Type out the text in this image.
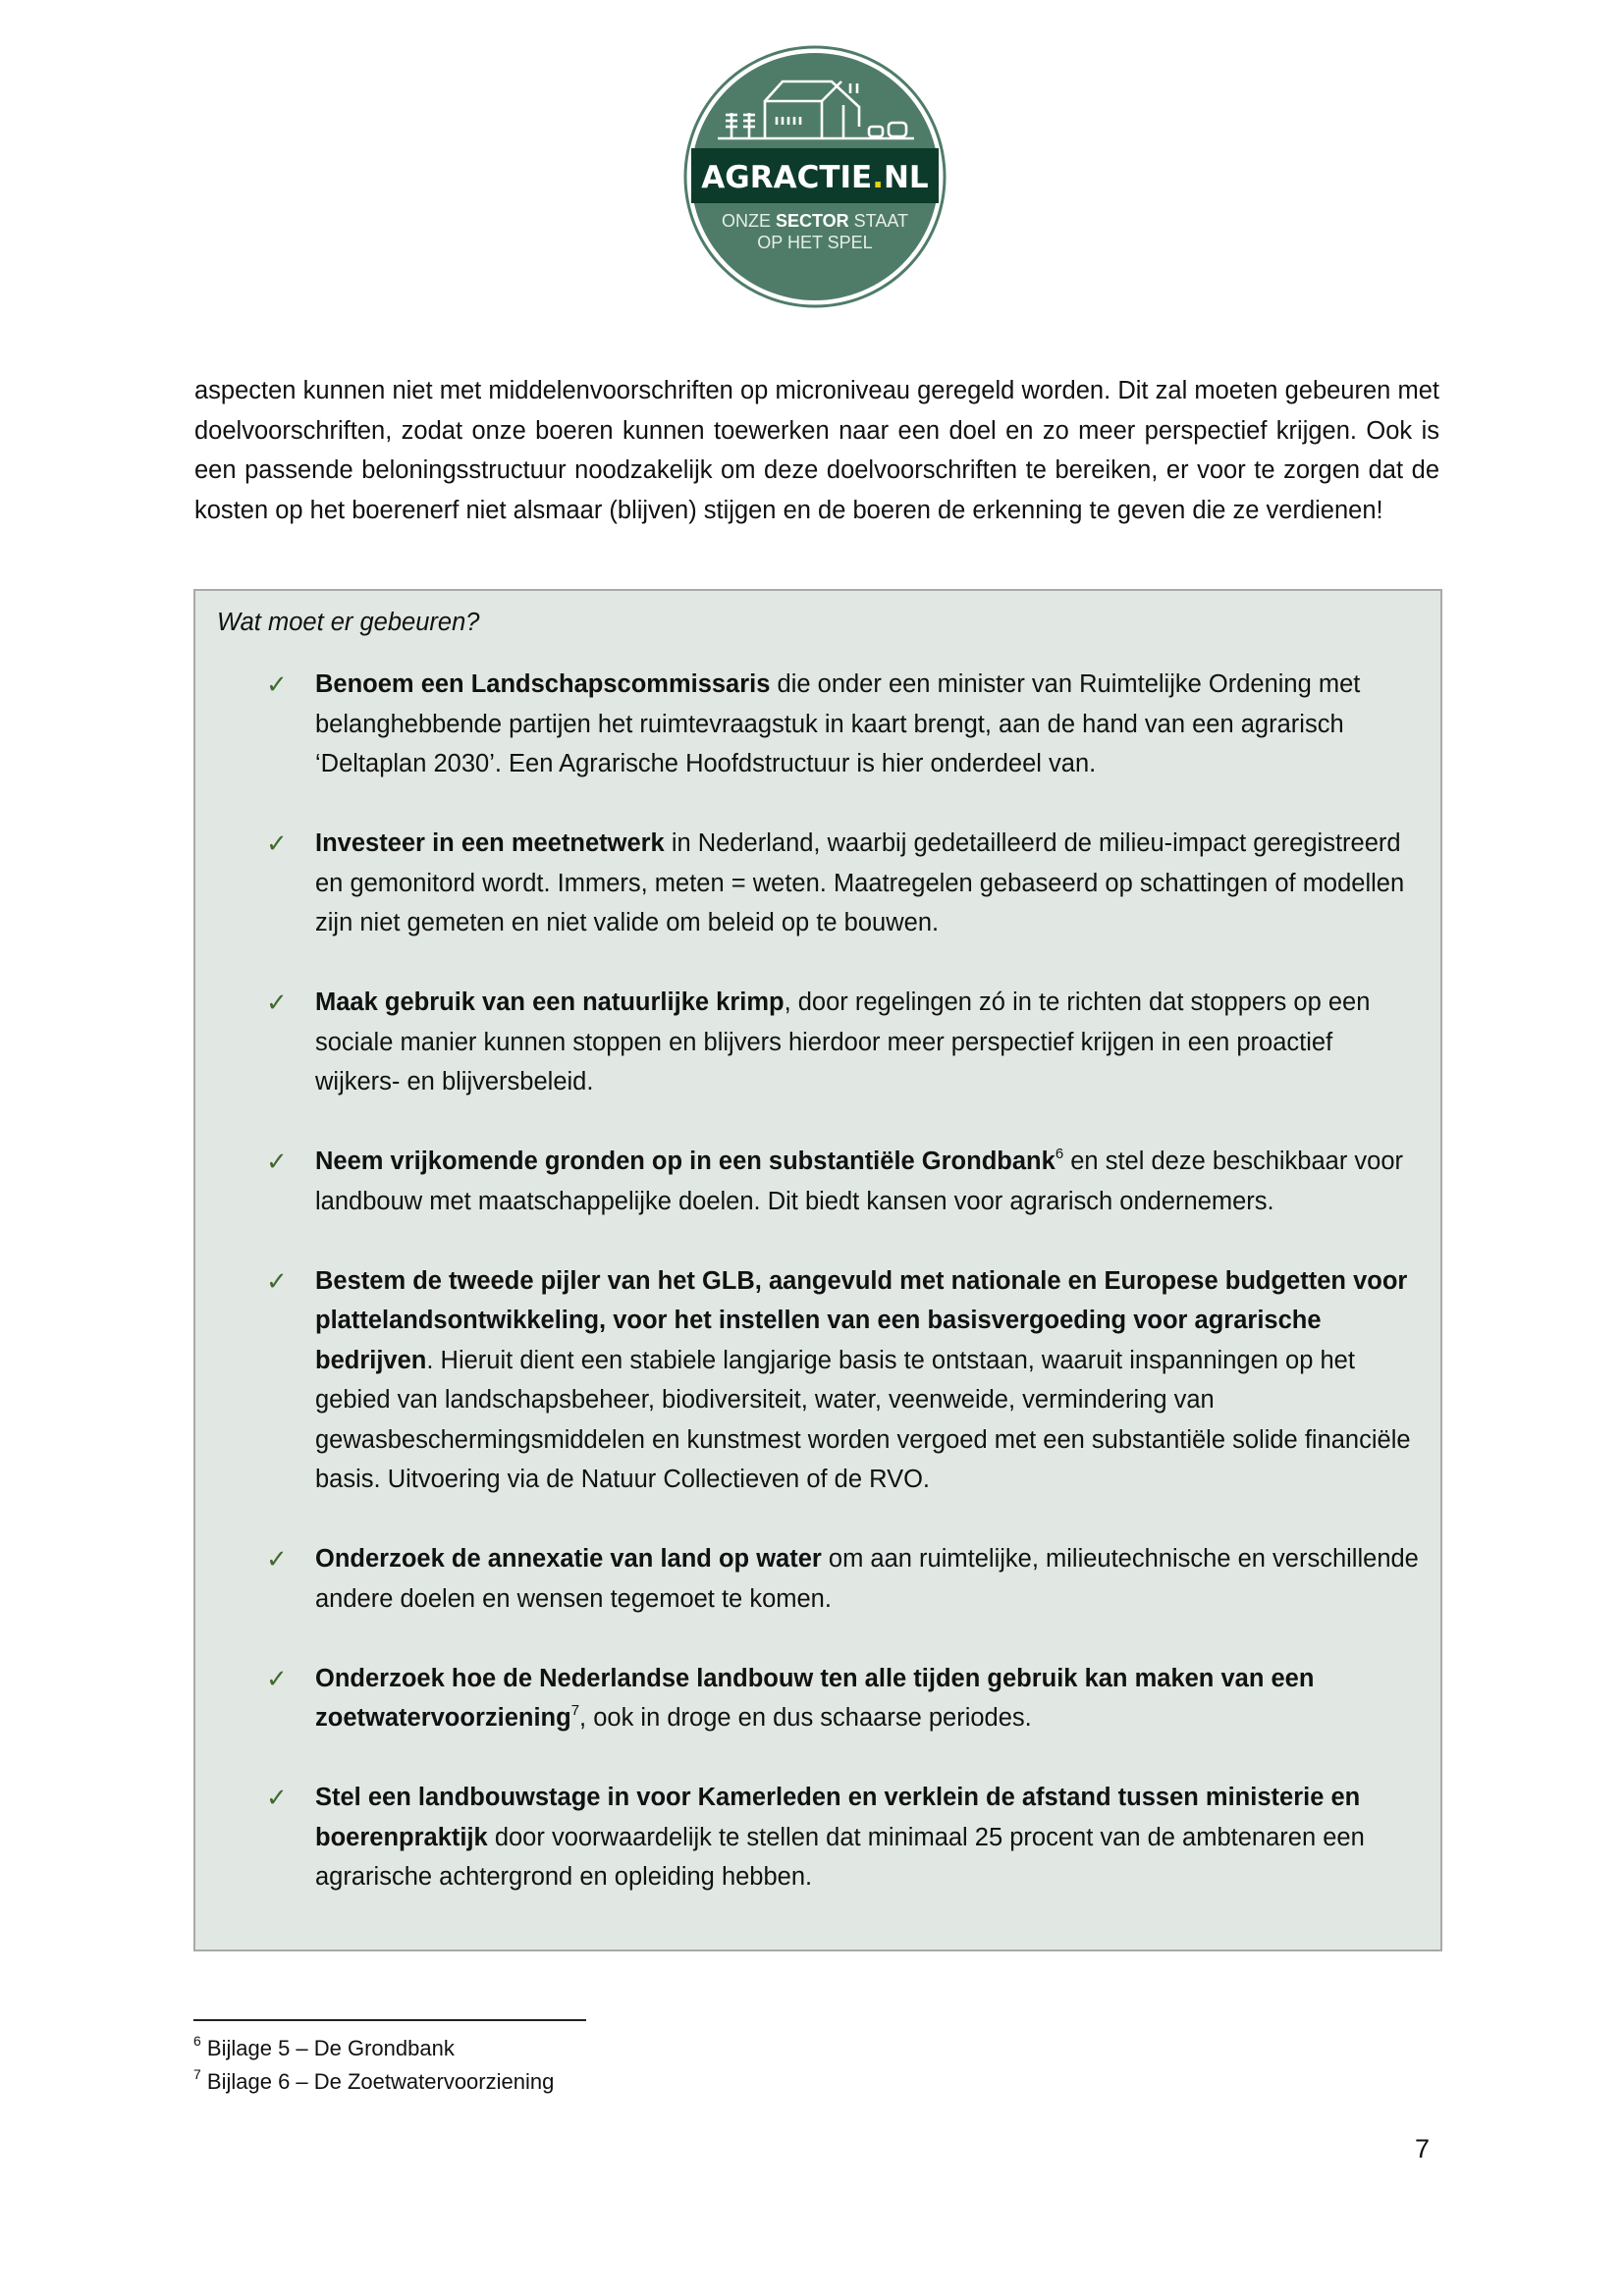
AGRACTIE.NL
ONZE SECTOR STAAT
OP HET SPEL

aspecten kunnen niet met middelenvoorschriften op microniveau geregeld worden. Dit zal moeten gebeuren met doelvoorschriften, zodat onze boeren kunnen toewerken naar een doel en zo meer perspectief krijgen. Ook is een passende beloningsstructuur noodzakelijk om deze doelvoorschriften te bereiken, er voor te zorgen dat de kosten op het boerenerf niet alsmaar (blijven) stijgen en de boeren de erkenning te geven die ze verdienen!

Wat moet er gebeuren?

✓ Benoem een Landschapscommissaris die onder een minister van Ruimtelijke Ordening met belanghebbende partijen het ruimtevraagstuk in kaart brengt, aan de hand van een agrarisch ‘Deltaplan 2030’. Een Agrarische Hoofdstructuur is hier onderdeel van.
✓ Investeer in een meetnetwerk in Nederland, waarbij gedetailleerd de milieu-impact geregistreerd en gemonitord wordt. Immers, meten = weten. Maatregelen gebaseerd op schattingen of modellen zijn niet gemeten en niet valide om beleid op te bouwen.
✓ Maak gebruik van een natuurlijke krimp, door regelingen zó in te richten dat stoppers op een sociale manier kunnen stoppen en blijvers hierdoor meer perspectief krijgen in een proactief wijkers- en blijversbeleid.
✓ Neem vrijkomende gronden op in een substantiële Grondbank$^6$ en stel deze beschikbaar voor landbouw met maatschappelijke doelen. Dit biedt kansen voor agrarisch ondernemers.
✓ Bestem de tweede pijler van het GLB, aangevuld met nationale en Europese budgetten voor plattelandsontwikkeling, voor het instellen van een basisvergoeding voor agrarische bedrijven. Hieruit dient een stabiele langjarige basis te ontstaan, waaruit inspanningen op het gebied van landschapsbeheer, biodiversiteit, water, veenweide, vermindering van gewasbeschermingsmiddelen en kunstmest worden vergoed met een substantiële solide financiële basis. Uitvoering via de Natuur Collectieven of de RVO.
✓ Onderzoek de annexatie van land op water om aan ruimtelijke, milieutechnische en verschillende andere doelen en wensen tegemoet te komen.
✓ Onderzoek hoe de Nederlandse landbouw ten alle tijden gebruik kan maken van een zoetwatervoorziening$^7$, ook in droge en dus schaarse periodes.
✓ Stel een landbouwstage in voor Kamerleden en verklein de afstand tussen ministerie en boerenpraktijk door voorwaardelijk te stellen dat minimaal 25 procent van de ambtenaren een agrarische achtergrond en opleiding hebben.
$^6$ Bijlage 5 – De Grondbank
$^7$ Bijlage 6 – De Zoetwatervoorziening
7
